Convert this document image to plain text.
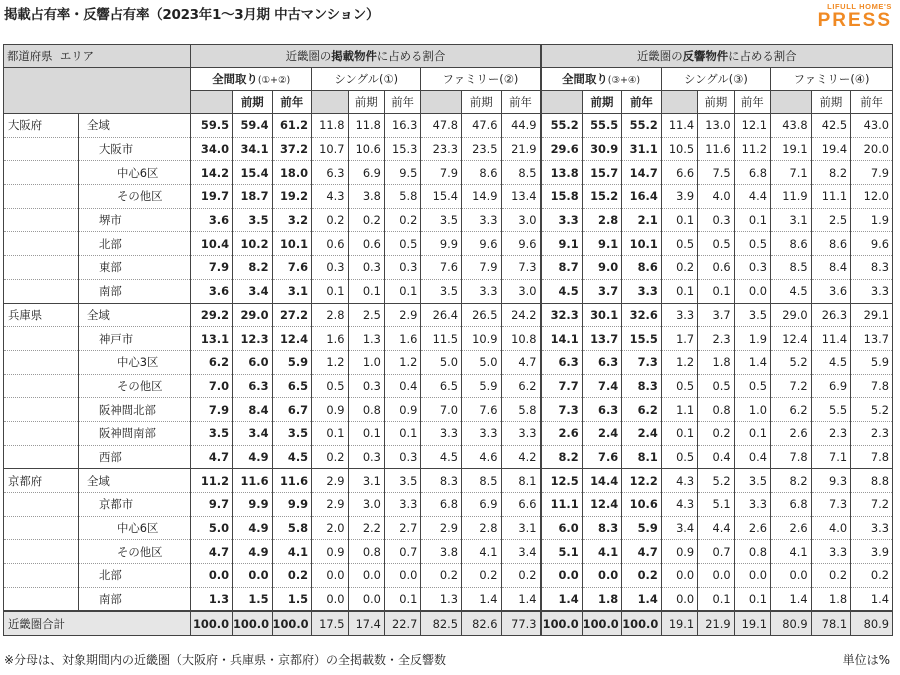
掲載占有率・反響占有率（2023年1～3月期 中古マンション）
LIFULL HOME'S
PRESS
都道府県 エリア		近畿圏の掲載物件に占める割合									近畿圏の反響物件に占める割合								
		全間取り(①+②)			シングル(①)			ファミリー(②)			全間取り(③+④)			シングル(③)			ファミリー(④)		
			前期	前年		前期	前年		前期	前年		前期	前年		前期	前年		前期	前年
大阪府	全域	59.5	59.4	61.2	11.8	11.8	16.3	47.8	47.6	44.9	55.2	55.5	55.2	11.4	13.0	12.1	43.8	42.5	43.0
	大阪市	34.0	34.1	37.2	10.7	10.6	15.3	23.3	23.5	21.9	29.6	30.9	31.1	10.5	11.6	11.2	19.1	19.4	20.0
	中心6区	14.2	15.4	18.0	6.3	6.9	9.5	7.9	8.6	8.5	13.8	15.7	14.7	6.6	7.5	6.8	7.1	8.2	7.9
	その他区	19.7	18.7	19.2	4.3	3.8	5.8	15.4	14.9	13.4	15.8	15.2	16.4	3.9	4.0	4.4	11.9	11.1	12.0
	堺市	3.6	3.5	3.2	0.2	0.2	0.2	3.5	3.3	3.0	3.3	2.8	2.1	0.1	0.3	0.1	3.1	2.5	1.9
	北部	10.4	10.2	10.1	0.6	0.6	0.5	9.9	9.6	9.6	9.1	9.1	10.1	0.5	0.5	0.5	8.6	8.6	9.6
	東部	7.9	8.2	7.6	0.3	0.3	0.3	7.6	7.9	7.3	8.7	9.0	8.6	0.2	0.6	0.3	8.5	8.4	8.3
	南部	3.6	3.4	3.1	0.1	0.1	0.1	3.5	3.3	3.0	4.5	3.7	3.3	0.1	0.1	0.0	4.5	3.6	3.3
兵庫県	全域	29.2	29.0	27.2	2.8	2.5	2.9	26.4	26.5	24.2	32.3	30.1	32.6	3.3	3.7	3.5	29.0	26.3	29.1
	神戸市	13.1	12.3	12.4	1.6	1.3	1.6	11.5	10.9	10.8	14.1	13.7	15.5	1.7	2.3	1.9	12.4	11.4	13.7
	中心3区	6.2	6.0	5.9	1.2	1.0	1.2	5.0	5.0	4.7	6.3	6.3	7.3	1.2	1.8	1.4	5.2	4.5	5.9
	その他区	7.0	6.3	6.5	0.5	0.3	0.4	6.5	5.9	6.2	7.7	7.4	8.3	0.5	0.5	0.5	7.2	6.9	7.8
	阪神間北部	7.9	8.4	6.7	0.9	0.8	0.9	7.0	7.6	5.8	7.3	6.3	6.2	1.1	0.8	1.0	6.2	5.5	5.2
	阪神間南部	3.5	3.4	3.5	0.1	0.1	0.1	3.3	3.3	3.3	2.6	2.4	2.4	0.1	0.2	0.1	2.6	2.3	2.3
	西部	4.7	4.9	4.5	0.2	0.3	0.3	4.5	4.6	4.2	8.2	7.6	8.1	0.5	0.4	0.4	7.8	7.1	7.8
京都府	全域	11.2	11.6	11.6	2.9	3.1	3.5	8.3	8.5	8.1	12.5	14.4	12.2	4.3	5.2	3.5	8.2	9.3	8.8
	京都市	9.7	9.9	9.9	2.9	3.0	3.3	6.8	6.9	6.6	11.1	12.4	10.6	4.3	5.1	3.3	6.8	7.3	7.2
	中心6区	5.0	4.9	5.8	2.0	2.2	2.7	2.9	2.8	3.1	6.0	8.3	5.9	3.4	4.4	2.6	2.6	4.0	3.3
	その他区	4.7	4.9	4.1	0.9	0.8	0.7	3.8	4.1	3.4	5.1	4.1	4.7	0.9	0.7	0.8	4.1	3.3	3.9
	北部	0.0	0.0	0.2	0.0	0.0	0.0	0.2	0.2	0.2	0.0	0.0	0.2	0.0	0.0	0.0	0.0	0.2	0.2
	南部	1.3	1.5	1.5	0.0	0.0	0.1	1.3	1.4	1.4	1.4	1.8	1.4	0.0	0.1	0.1	1.4	1.8	1.4
近畿圏合計		100.0	100.0	100.0	17.5	17.4	22.7	82.5	82.6	77.3	100.0	100.0	100.0	19.1	21.9	19.1	80.9	78.1	80.9
※分母は、対象期間内の近畿圏（大阪府・兵庫県・京都府）の全掲載数・全反響数	単位は%
